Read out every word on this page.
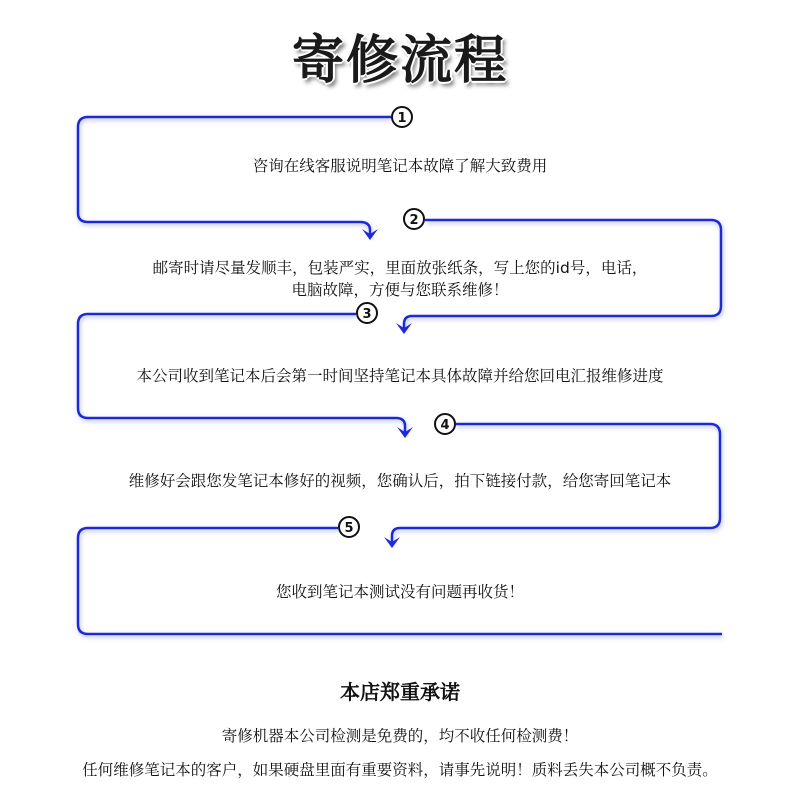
寄修流程
1
2
3
4
5
咨询在线客服说明笔记本故障了解大致费用
邮寄时请尽量发顺丰，包装严实，里面放张纸条，写上您的id号，电话，
电脑故障，方便与您联系维修！
本公司收到笔记本后会第一时间坚持笔记本具体故障并给您回电汇报维修进度
维修好会跟您发笔记本修好的视频，您确认后，拍下链接付款，给您寄回笔记本
您收到笔记本测试没有问题再收货！
本店郑重承诺
寄修机器本公司检测是免费的，均不收任何检测费！
任何维修笔记本的客户，如果硬盘里面有重要资料，请事先说明！质料丢失本公司概不负责。
